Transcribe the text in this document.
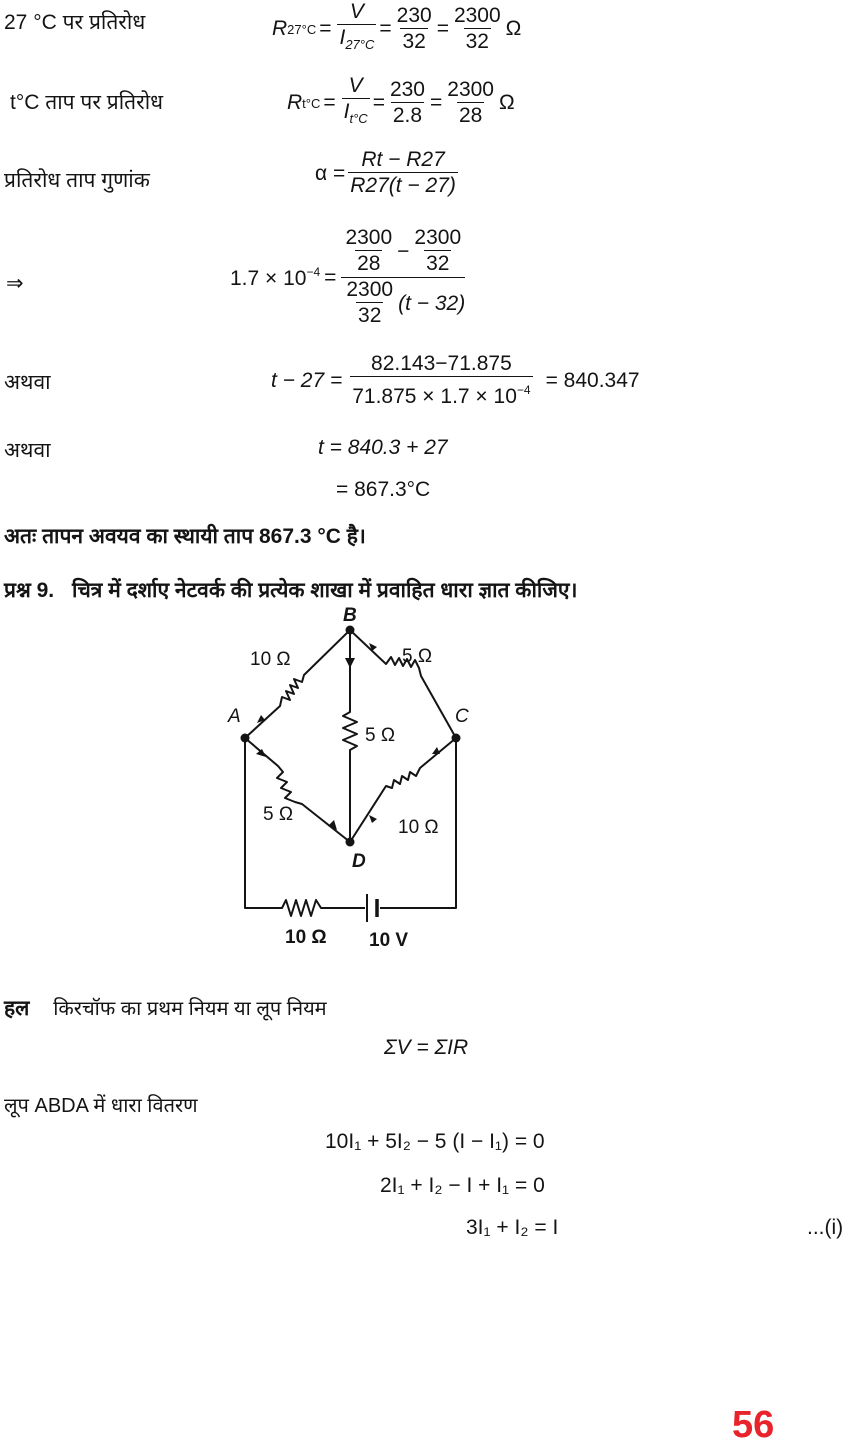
27 °C पर प्रतिरोध	R $27^\circ C = \frac{V}{I_{27^\circ C}} = \frac{230}{32} = \frac{2300}{32}$ Ω
t°C ताप पर प्रतिरोध	R $t^\circ C = \frac{V}{I_{t^\circ C}} = \frac{230}{2.8} = \frac{2300}{28}$ Ω
प्रतिरोध ताप गुणांक	$\alpha = \frac{Rt - R27}{R27(t - 27)}$
⇒	$1.7 \times 10^{-4} = \frac{\frac{2300}{28} - \frac{2300}{32}}{\frac{2300}{32} (t - 32)}$
अथवा	$t - 27 = \frac{82.143-71.875}{71.875 \times 1.7 \times 10^{-4}} = 840.347$
अथवा	t = 840.3 + 27
= 867.3°C
अतः तापन अवयव का स्थायी ताप 867.3 °C है।
प्रश्न 9. चित्र में दर्शाए नेटवर्क की प्रत्येक शाखा में प्रवाहित धारा ज्ञात कीजिए।
B
A	C
D
10 Ω	5 Ω
5 Ω
5 Ω
10 Ω
10 Ω 10 V
हल किरचॉफ का प्रथम नियम या लूप नियम
ΣV = ΣIR
लूप ABDA में धारा वितरण
10I₁ + 5I₂ − 5 (I − I₁) = 0
2I₁ + I₂ − I + I₁ = 0
3I₁ + I₂ = I	...(i)
56
